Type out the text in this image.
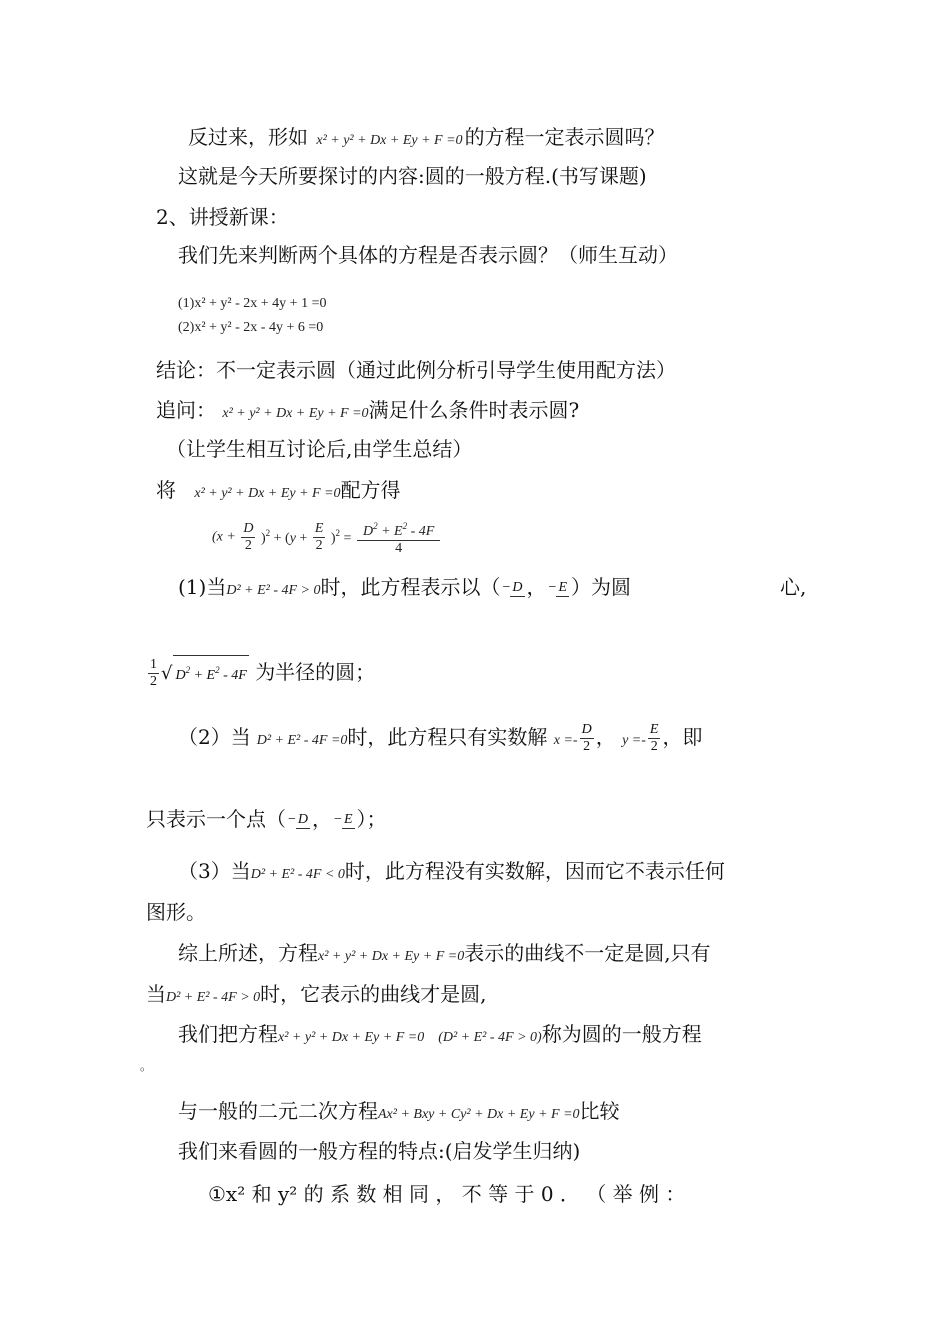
反过来，形如 x² + y² + Dx + Ey + F =0 的方程一定表示圆吗？
这就是今天所要探讨的内容:圆的一般方程.(书写课题)
2、讲授新课：
我们先来判断两个具体的方程是否表示圆？（师生互动）
(1)x² + y² - 2x + 4y + 1 =0
(2)x² + y² - 2x - 4y + 6 =0
结论：不一定表示圆（通过此例分析引导学生使用配方法）
追问： x² + y² + Dx + Ey + F =0满足什么条件时表示圆?
（让学生相互讨论后,由学生总结）
将 x² + y² + Dx + Ey + F =0配方得
$(x + \frac{D}{2} )^2 + (y + \frac{E}{2} )^2 = \frac{D^2 + E^2 - 4F}{4}$
(1)当D² + E² - 4F > 0时，此方程表示以（ − D ， − E ）为圆	心,
$\frac{1}{2}$ √ $D^2 + E^2 - 4F$ 为半径的圆；
（2）当 D² + E² - 4F =0时，此方程只有实数解 $x =- \frac{D}{2}$ ， $y =- \frac{E}{2}$ ，即
只表示一个点（ − D ， − E ）；
（3）当D² + E² - 4F < 0时，此方程没有实数解，因而它不表示任何
图形。
综上所述，方程x² + y² + Dx + Ey + F =0表示的曲线不一定是圆,只有
当D² + E² - 4F > 0时，它表示的曲线才是圆,
我们把方程x² + y² + Dx + Ey + F =0 (D² + E² - 4F > 0)称为圆的一般方程
。
与一般的二元二次方程Ax² + Bxy + Cy² + Dx + Ey + F =0比较
我们来看圆的一般方程的特点:(启发学生归纳)
①x² 和 y² 的 系 数 相 同 ， 不 等 于 0 ． （ 举 例 ：
